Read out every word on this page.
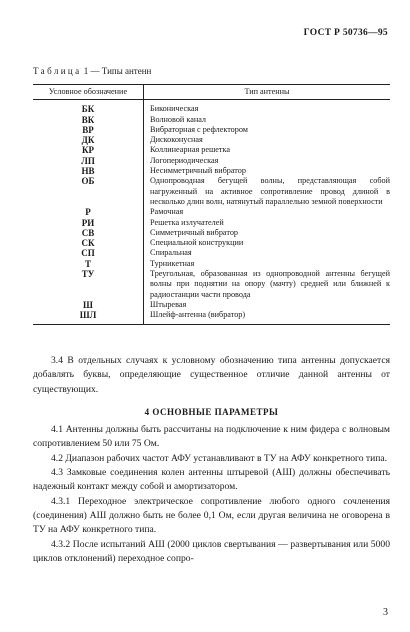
ГОСТ Р 50736—95
Таблица 1 — Типы антенн
Условное обозначение	Тип антенны

БК	Биконическая
ВК	Волновой канал
ВР	Вибраторная с рефлектором
ДК	Дискоконусная
КР	Коллинеарная решетка
ЛП	Логопериодическая
НВ	Несимметричный вибратор
ОБ	Однопроводная бегущей волны, представляющая собой нагруженный на активное сопротивление провод длиной в несколько длин волн, натянутый параллельно земной поверхности
Р	Рамочная
РИ	Решетка излучателей
СВ	Симметричный вибратор
СК	Специальной конструкции
СП	Спиральная
Т	Турникетная
ТУ	Треугольная, образованная из однопроводной антенны бегущей волны при поднятии на опору (мачту) средней или ближней к радиостанции части провода
Ш	Штыревая
ШЛ	Шлейф-антенна (вибратор)

3.4 В отдельных случаях к условному обозначению типа антенны допускается добавлять буквы, определяющие существенное отличие данной антенны от существующих.

4 ОСНОВНЫЕ ПАРАМЕТРЫ

4.1 Антенны должны быть рассчитаны на подключение к ним фидера с волновым сопротивлением 50 или 75 Ом.

4.2 Диапазон рабочих частот АФУ устанавливают в ТУ на АФУ конкретного типа.

4.3 Замковые соединения колен антенны штыревой (АШ) должны обеспечивать надежный контакт между собой и амортизатором.

4.3.1 Переходное электрическое сопротивление любого одного сочленения (соединения) АШ должно быть не более 0,1 Ом, если другая величина не оговорена в ТУ на АФУ конкретного типа.

4.3.2 После испытаний АШ (2000 циклов свертывания — развертывания или 5000 циклов отклонений) переходное сопро-

3
